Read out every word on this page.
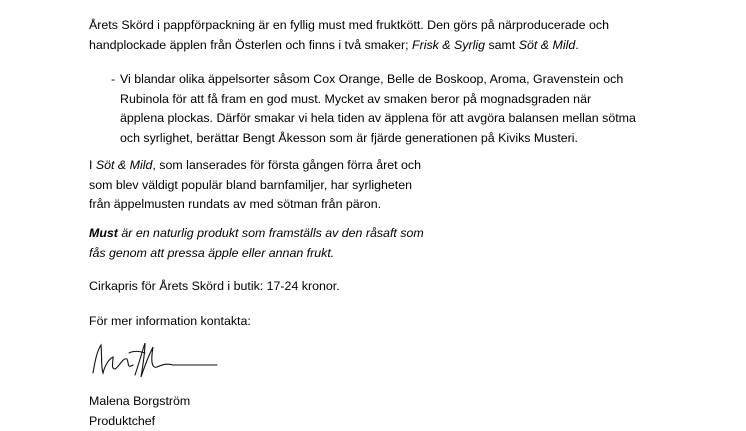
Årets Skörd i pappförpackning är en fyllig must med fruktkött. Den görs på närproducerade och
handplockade äpplen från Österlen och finns i två smaker; Frisk & Syrlig samt Söt & Mild.
- Vi blandar olika äppelsorter såsom Cox Orange, Belle de Boskoop, Aroma, Gravenstein och
Rubinola för att få fram en god must. Mycket av smaken beror på mognadsgraden när
äpplena plockas. Därför smakar vi hela tiden av äpplena för att avgöra balansen mellan sötma
och syrlighet, berättar Bengt Åkesson som är fjärde generationen på Kiviks Musteri.
I Söt & Mild, som lanserades för första gången förra året och
som blev väldigt populär bland barnfamiljer, har syrligheten
från äppelmusten rundats av med sötman från päron.
Must är en naturlig produkt som framställs av den råsaft som
fås genom att pressa äpple eller annan frukt.
Cirkapris för Årets Skörd i butik: 17-24 kronor.
För mer information kontakta:
Malena Borgström
Produktchef
